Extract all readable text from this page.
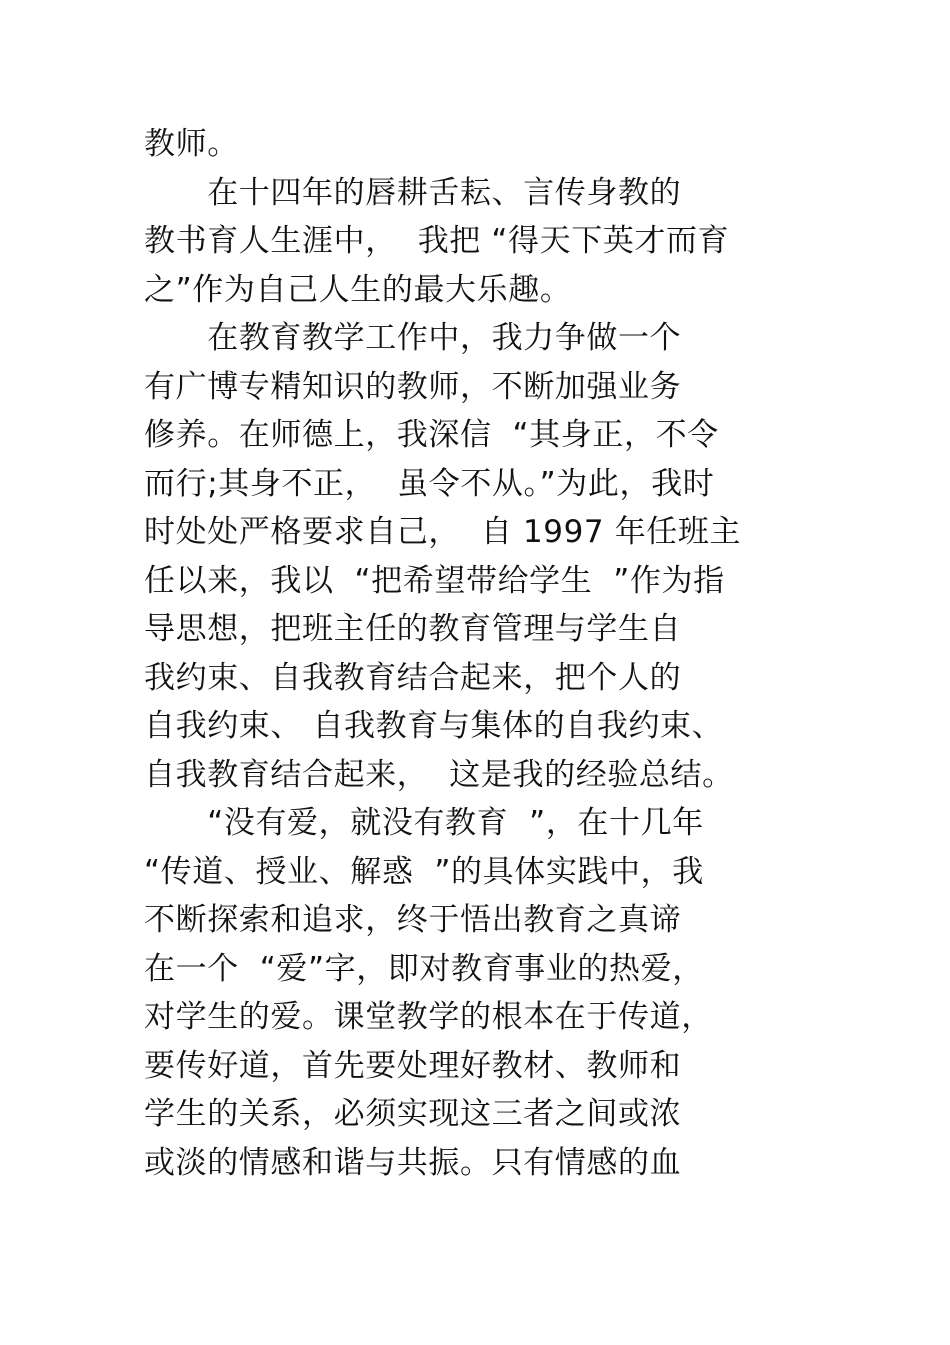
教师。
　　在十四年的唇耕舌耘、言传身教的
教书育人生涯中，  我把 “得天下英才而育
之”作为自己人生的最大乐趣。
　　在教育教学工作中，我力争做一个
有广博专精知识的教师，不断加强业务
修养。在师德上，我深信  “其身正，不令
而行;其身不正，  虽令不从。”为此，我时
时处处严格要求自己，  自 1997 年任班主
任以来，我以  “把希望带给学生  ”作为指
导思想，把班主任的教育管理与学生自
我约束、自我教育结合起来，把个人的
自我约束、 自我教育与集体的自我约束、
自我教育结合起来，  这是我的经验总结。
　　“没有爱，就没有教育  ”，在十几年
“传道、授业、解惑  ”的具体实践中，我
不断探索和追求，终于悟出教育之真谛
在一个  “爱”字，即对教育事业的热爱，
对学生的爱。课堂教学的根本在于传道，
要传好道，首先要处理好教材、教师和
学生的关系，必须实现这三者之间或浓
或淡的情感和谐与共振。只有情感的血
